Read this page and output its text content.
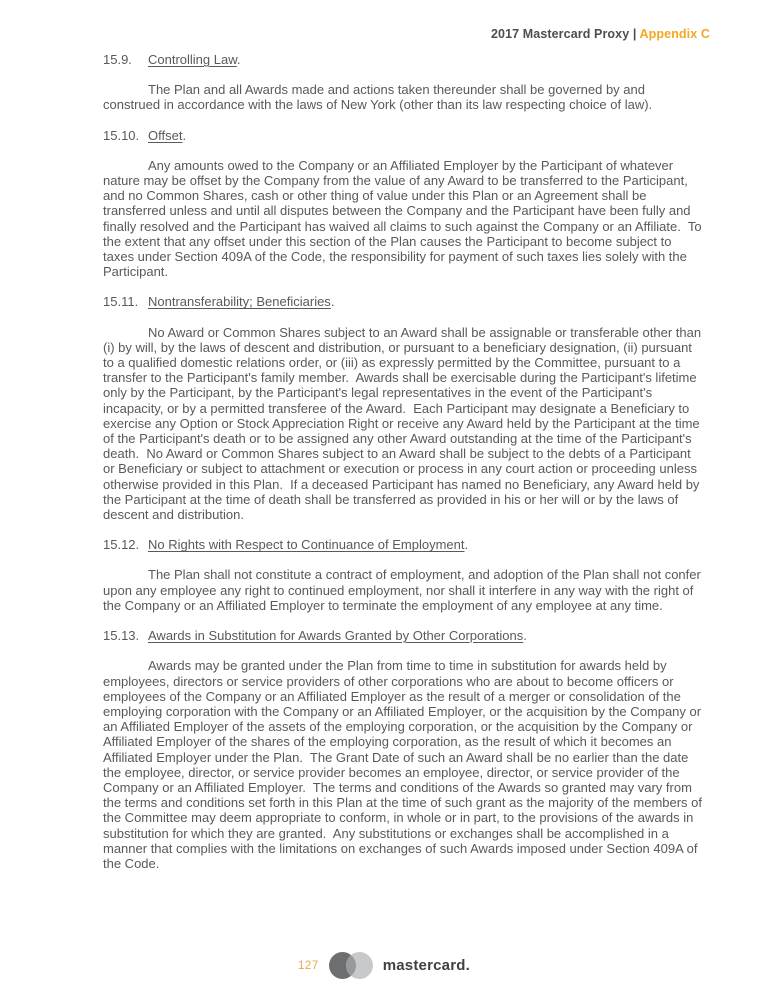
2017 Mastercard Proxy | Appendix C
15.9. Controlling Law.

The Plan and all Awards made and actions taken thereunder shall be governed by and construed in accordance with the laws of New York (other than its law respecting choice of law).

15.10. Offset.

Any amounts owed to the Company or an Affiliated Employer by the Participant of whatever nature may be offset by the Company from the value of any Award to be transferred to the Participant, and no Common Shares, cash or other thing of value under this Plan or an Agreement shall be transferred unless and until all disputes between the Company and the Participant have been fully and finally resolved and the Participant has waived all claims to such against the Company or an Affiliate.  To the extent that any offset under this section of the Plan causes the Participant to become subject to taxes under Section 409A of the Code, the responsibility for payment of such taxes lies solely with the Participant.

15.11. Nontransferability; Beneficiaries.

No Award or Common Shares subject to an Award shall be assignable or transferable other than (i) by will, by the laws of descent and distribution, or pursuant to a beneficiary designation, (ii) pursuant to a qualified domestic relations order, or (iii) as expressly permitted by the Committee, pursuant to a transfer to the Participant's family member.  Awards shall be exercisable during the Participant's lifetime only by the Participant, by the Participant's legal representatives in the event of the Participant's incapacity, or by a permitted transferee of the Award.  Each Participant may designate a Beneficiary to exercise any Option or Stock Appreciation Right or receive any Award held by the Participant at the time of the Participant's death or to be assigned any other Award outstanding at the time of the Participant's death.  No Award or Common Shares subject to an Award shall be subject to the debts of a Participant or Beneficiary or subject to attachment or execution or process in any court action or proceeding unless otherwise provided in this Plan.  If a deceased Participant has named no Beneficiary, any Award held by the Participant at the time of death shall be transferred as provided in his or her will or by the laws of descent and distribution.

15.12. No Rights with Respect to Continuance of Employment.

The Plan shall not constitute a contract of employment, and adoption of the Plan shall not confer upon any employee any right to continued employment, nor shall it interfere in any way with the right of the Company or an Affiliated Employer to terminate the employment of any employee at any time.

15.13. Awards in Substitution for Awards Granted by Other Corporations.

Awards may be granted under the Plan from time to time in substitution for awards held by employees, directors or service providers of other corporations who are about to become officers or employees of the Company or an Affiliated Employer as the result of a merger or consolidation of the employing corporation with the Company or an Affiliated Employer, or the acquisition by the Company or an Affiliated Employer of the assets of the employing corporation, or the acquisition by the Company or Affiliated Employer of the shares of the employing corporation, as the result of which it becomes an Affiliated Employer under the Plan.  The Grant Date of such an Award shall be no earlier than the date the employee, director, or service provider becomes an employee, director, or service provider of the Company or an Affiliated Employer.  The terms and conditions of the Awards so granted may vary from the terms and conditions set forth in this Plan at the time of such grant as the majority of the members of the Committee may deem appropriate to conform, in whole or in part, to the provisions of the awards in substitution for which they are granted.  Any substitutions or exchanges shall be accomplished in a manner that complies with the limitations on exchanges of such Awards imposed under Section 409A of the Code.

127	mastercard.
